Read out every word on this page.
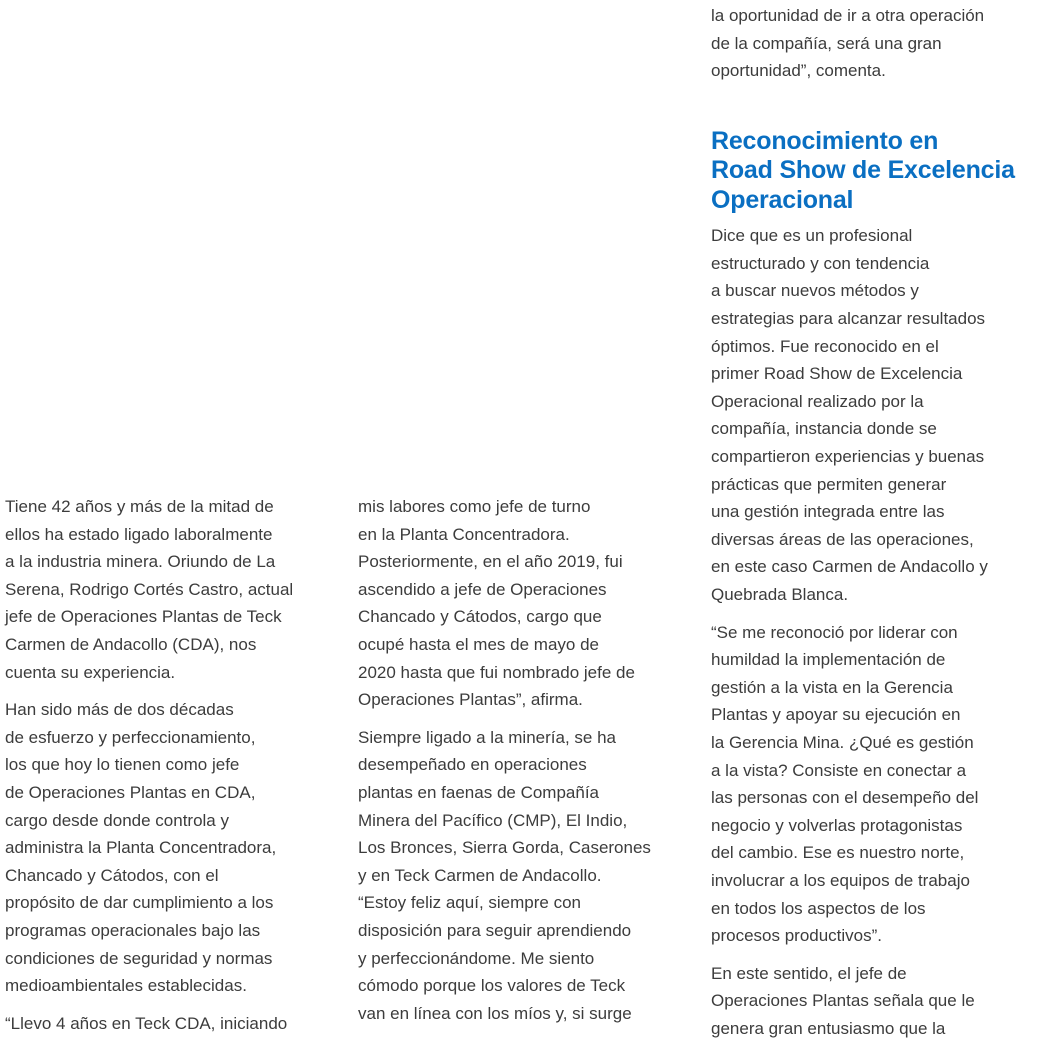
Tiene 42 años y más de la mitad de
ellos ha estado ligado laboralmente
a la industria minera. Oriundo de La
Serena, Rodrigo Cortés Castro, actual
jefe de Operaciones Plantas de Teck
Carmen de Andacollo (CDA), nos
cuenta su experiencia.

Han sido más de dos décadas
de esfuerzo y perfeccionamiento,
los que hoy lo tienen como jefe
de Operaciones Plantas en CDA,
cargo desde donde controla y
administra la Planta Concentradora,
Chancado y Cátodos, con el
propósito de dar cumplimiento a los
programas operacionales bajo las
condiciones de seguridad y normas
medioambientales establecidas.

“Llevo 4 años en Teck CDA, iniciando

mis labores como jefe de turno
en la Planta Concentradora.
Posteriormente, en el año 2019, fui
ascendido a jefe de Operaciones
Chancado y Cátodos, cargo que
ocupé hasta el mes de mayo de
2020 hasta que fui nombrado jefe de
Operaciones Plantas”, afirma.

Siempre ligado a la minería, se ha
desempeñado en operaciones
plantas en faenas de Compañía
Minera del Pacífico (CMP), El Indio,
Los Bronces, Sierra Gorda, Caserones
y en Teck Carmen de Andacollo.

“Estoy feliz aquí, siempre con
disposición para seguir aprendiendo
y perfeccionándome. Me siento
cómodo porque los valores de Teck
van en línea con los míos y, si surge

la oportunidad de ir a otra operación
de la compañía, será una gran
oportunidad”, comenta.

Reconocimiento en
Road Show de Excelencia
Operacional

Dice que es un profesional
estructurado y con tendencia
a buscar nuevos métodos y
estrategias para alcanzar resultados
óptimos. Fue reconocido en el
primer Road Show de Excelencia
Operacional realizado por la
compañía, instancia donde se
compartieron experiencias y buenas
prácticas que permiten generar
una gestión integrada entre las
diversas áreas de las operaciones,
en este caso Carmen de Andacollo y
Quebrada Blanca.

“Se me reconoció por liderar con
humildad la implementación de
gestión a la vista en la Gerencia
Plantas y apoyar su ejecución en
la Gerencia Mina. ¿Qué es gestión
a la vista? Consiste en conectar a
las personas con el desempeño del
negocio y volverlas protagonistas
del cambio. Ese es nuestro norte,
involucrar a los equipos de trabajo
en todos los aspectos de los
procesos productivos”.

En este sentido, el jefe de
Operaciones Plantas señala que le
genera gran entusiasmo que la
